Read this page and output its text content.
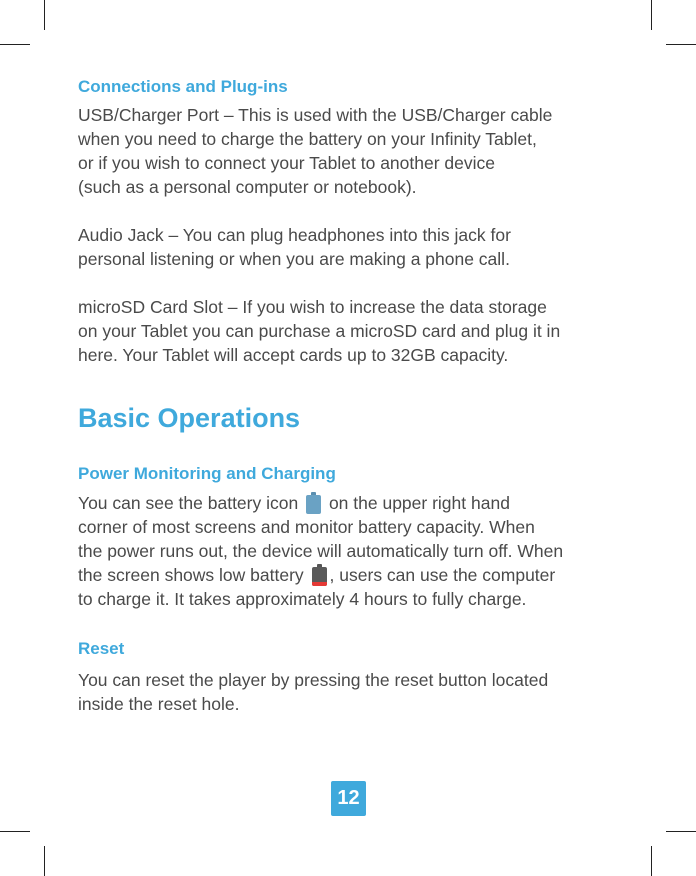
Connections and Plug-ins

USB/Charger Port – This is used with the USB/Charger cable
when you need to charge the battery on your Infinity Tablet,
or if you wish to connect your Tablet to another device
(such as a personal computer or notebook).

Audio Jack – You can plug headphones into this jack for
personal listening or when you are making a phone call.

microSD Card Slot – If you wish to increase the data storage
on your Tablet you can purchase a microSD card and plug it in
here. Your Tablet will accept cards up to 32GB capacity.

Basic Operations
Power Monitoring and Charging

You can see the battery icon on the upper right hand
corner of most screens and monitor battery capacity. When
the power runs out, the device will automatically turn off. When
the screen shows low battery , users can use the computer
to charge it. It takes approximately 4 hours to fully charge.

Reset

You can reset the player by pressing the reset button located
inside the reset hole.

12
